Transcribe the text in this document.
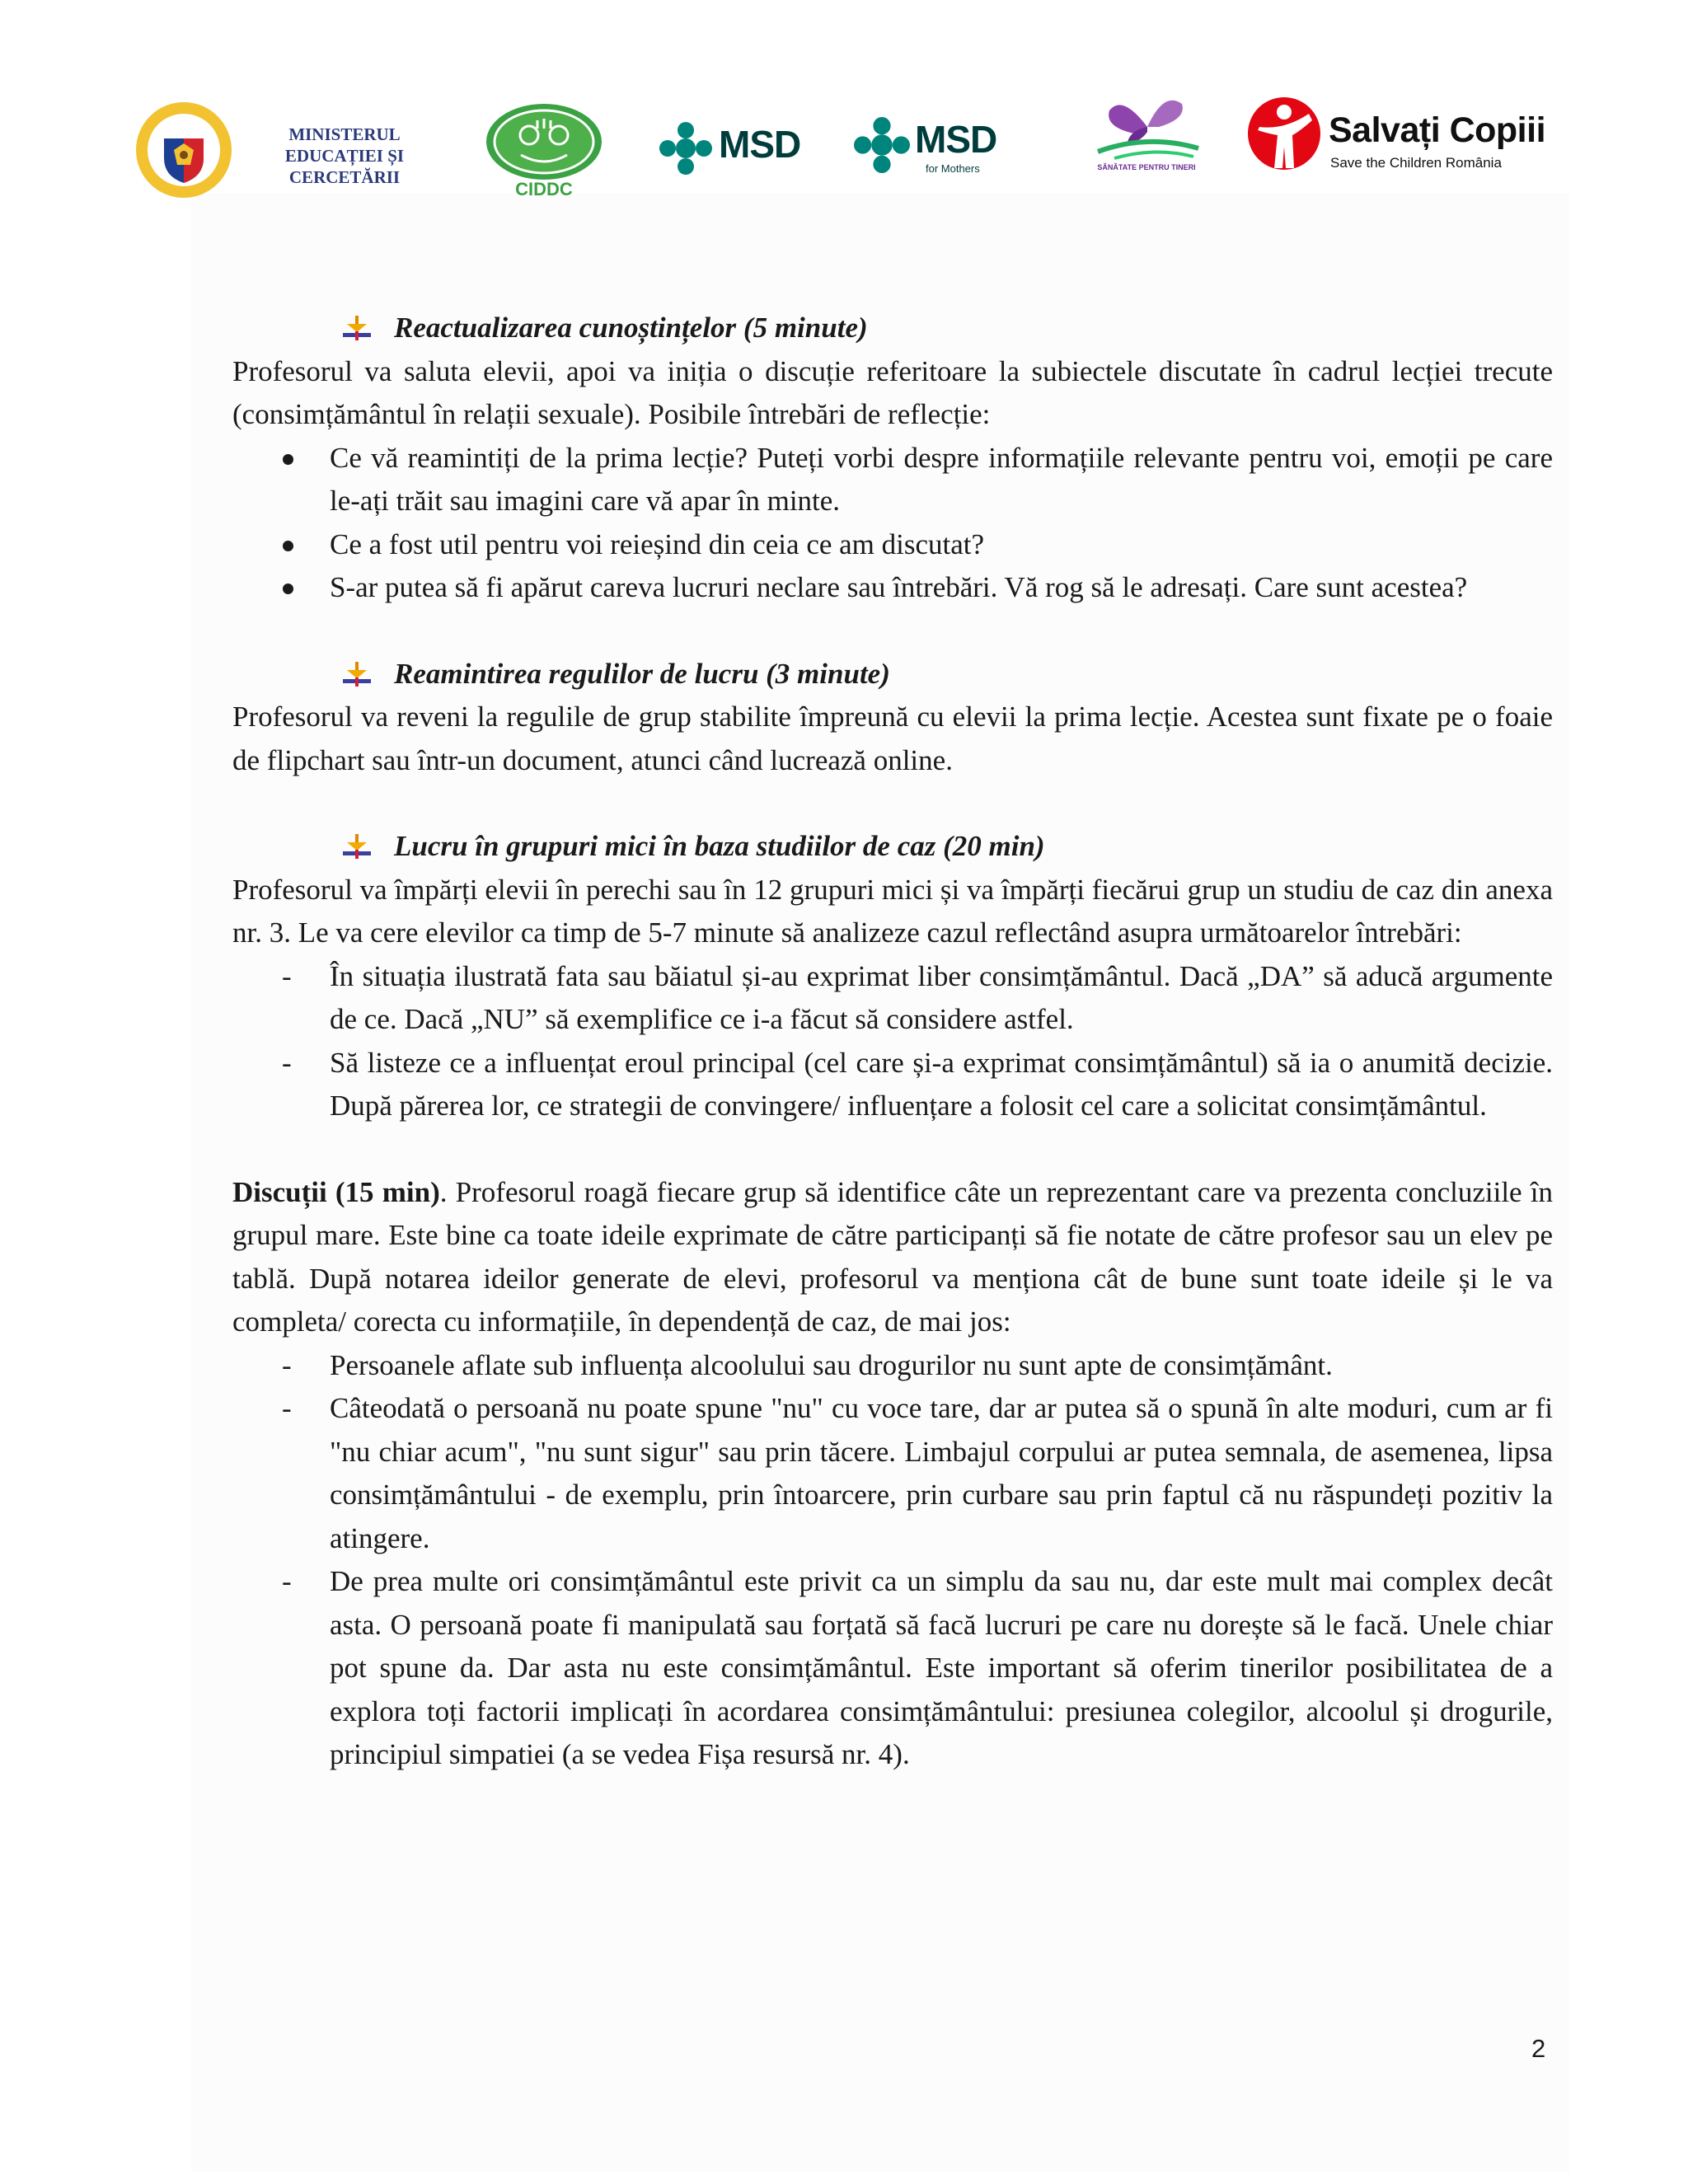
MINISTERUL
EDUCAȚIEI ȘI CERCETĂRII
CIDDC
MSD	MSD
for Mothers	SĂNĂTATE PENTRU TINERI
Salvați Copiii
Save the Children România
Reactualizarea cunoștințelor (5 minute)

Profesorul va saluta elevii, apoi va iniția o discuție referitoare la subiectele discutate în cadrul lecției trecute (consimțământul în relații sexuale). Posibile întrebări de reflecție:

Ce vă reamintiți de la prima lecție? Puteți vorbi despre informațiile relevante pentru voi, emoții pe care le-ați trăit sau imagini care vă apar în minte.
Ce a fost util pentru voi reieșind din ceia ce am discutat?
S-ar putea să fi apărut careva lucruri neclare sau întrebări. Vă rog să le adresați. Care sunt acestea?
Reamintirea regulilor de lucru (3 minute)

Profesorul va reveni la regulile de grup stabilite împreună cu elevii la prima lecție. Acestea sunt fixate pe o foaie de flipchart sau într-un document, atunci când lucrează online.

Lucru în grupuri mici în baza studiilor de caz (20 min)

Profesorul va împărți elevii în perechi sau în 12 grupuri mici și va împărți fiecărui grup un studiu de caz din anexa nr. 3. Le va cere elevilor ca timp de 5-7 minute să analizeze cazul reflectând asupra următoarelor întrebări:

-	În situația ilustrată fata sau băiatul și-au exprimat liber consimțământul. Dacă „DA” să aducă argumente de ce. Dacă „NU” să exemplifice ce i-a făcut să considere astfel.
-	Să listeze ce a influențat eroul principal (cel care și-a exprimat consimțământul) să ia o anumită decizie. După părerea lor, ce strategii de convingere/ influențare a folosit cel care a solicitat consimțământul.

Discuții (15 min). Profesorul roagă fiecare grup să identifice câte un reprezentant care va prezenta concluziile în grupul mare. Este bine ca toate ideile exprimate de către participanți să fie notate de către profesor sau un elev pe tablă. După notarea ideilor generate de elevi, profesorul va menționa cât de bune sunt toate ideile și le va completa/ corecta cu informațiile, în dependență de caz, de mai jos:

-	Persoanele aflate sub influența alcoolului sau drogurilor nu sunt apte de consimțământ.
-	Câteodată o persoană nu poate spune "nu" cu voce tare, dar ar putea să o spună în alte moduri, cum ar fi "nu chiar acum", "nu sunt sigur" sau prin tăcere. Limbajul corpului ar putea semnala, de asemenea, lipsa consimțământului - de exemplu, prin întoarcere, prin curbare sau prin faptul că nu răspundeți pozitiv la atingere.
-	De prea multe ori consimțământul este privit ca un simplu da sau nu, dar este mult mai complex decât asta. O persoană poate fi manipulată sau forțată să facă lucruri pe care nu dorește să le facă. Unele chiar pot spune da. Dar asta nu este consimțământul. Este important să oferim tinerilor posibilitatea de a explora toți factorii implicați în acordarea consimțământului: presiunea colegilor, alcoolul și drogurile, principiul simpatiei (a se vedea Fișa resursă nr. 4).
2
